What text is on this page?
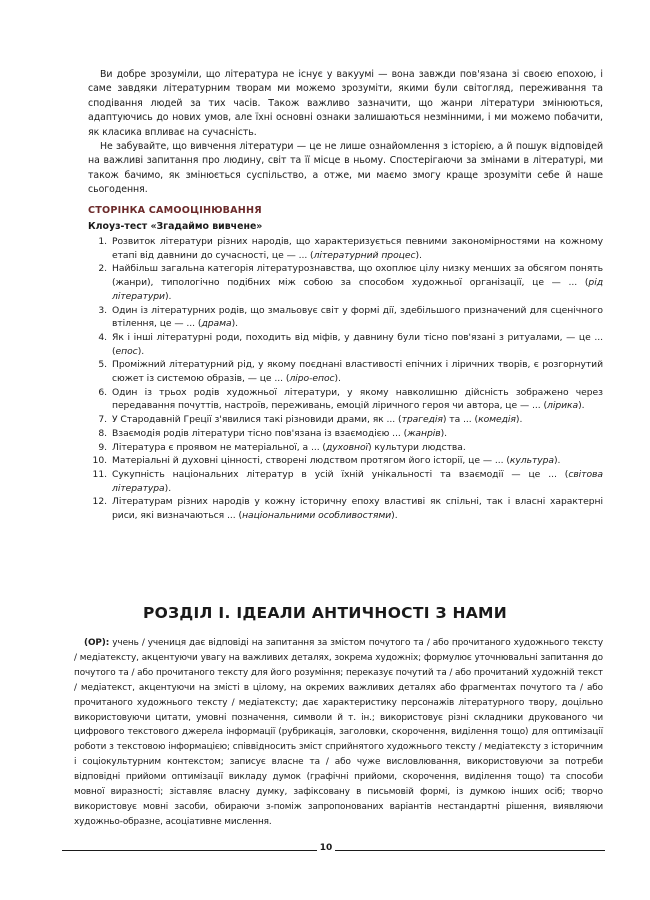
Ви добре зрозуміли, що література не існує у вакуумі — вона завжди пов'язана зі своєю епохою, і саме завдяки літературним творам ми можемо зрозуміти, якими були світогляд, переживання та сподівання людей за тих часів. Також важливо зазначити, що жанри літератури змінюються, адаптуючись до нових умов, але їхні основні ознаки залишаються незмінними, і ми можемо побачити, як класика впливає на сучасність.

Не забувайте, що вивчення літератури — це не лише ознайомлення з історією, а й пошук відповідей на важливі запитання про людину, світ та її місце в ньому. Спостерігаючи за змінами в літературі, ми також бачимо, як змінюється суспільство, а отже, ми маємо змогу краще зрозуміти себе й наше сьогодення.

СТОРІНКА САМООЦІНЮВАННЯ
Клоуз-тест «Згадаймо вивчене»
1. Розвиток літератури різних народів, що характеризується певними закономірностями на кожному етапі від давнини до сучасності, це — ... (літературний процес).
2. Найбільш загальна категорія літературознавства, що охоплює цілу низку менших за обсягом понять (жанри), типологічно подібних між собою за способом художньої організації, це — ... (рід літератури).
3. Один із літературних родів, що змальовує світ у формі дії, здебільшого призначений для сценічного втілення, це — ... (драма).
4. Як і інші літературні роди, походить від міфів, у давнину були тісно пов'язані з ритуалами, — це ... (епос).
5. Проміжний літературний рід, у якому поєднані властивості епічних і ліричних творів, є розгорнутий сюжет із системою образів, — це ... (ліро-епос).
6. Один із трьох родів художньої літератури, у якому навколишню дійсність зображено через передавання почуттів, настроїв, переживань, емоцій ліричного героя чи автора, це — ... (лірика).
7. У Стародавній Греції з'явилися такі різновиди драми, як ... (трагедія) та ... (комедія).
8. Взаємодія родів літератури тісно пов'язана із взаємодією ... (жанрів).
9. Література є проявом не матеріальної, а ... (духовної) культури людства.
10. Матеріальні й духовні цінності, створені людством протягом його історії, це — ... (культура).
11. Сукупність національних літератур в усій їхній унікальності та взаємодії — це ... (світова література).
12. Літературам різних народів у кожну історичну епоху властиві як спільні, так і власні характерні риси, які визначаються ... (національними особливостями).
РОЗДІЛ І. ІДЕАЛИ АНТИЧНОСТІ З НАМИ

(ОР): учень / учениця дає відповіді на запитання за змістом почутого та / або прочитаного художнього тексту / медіатексту, акцентуючи увагу на важливих деталях, зокрема художніх; формулює уточнювальні запитання до почутого та / або прочитаного тексту для його розуміння; переказує почутий та / або прочитаний художній текст / медіатекст, акцентуючи на змісті в цілому, на окремих важливих деталях або фрагментах почутого та / або прочитаного художнього тексту / медіатексту; дає характеристику персонажів літературного твору, доцільно використовуючи цитати, умовні позначення, символи й т. ін.; використовує різні складники друкованого чи цифрового текстового джерела інформації (рубрикація, заголовки, скорочення, виділення тощо) для оптимізації роботи з текстовою інформацією; співвідносить зміст сприйнятого художнього тексту / медіатексту з історичним і соціокультурним контекстом; записує власне та / або чуже висловлювання, використовуючи за потреби відповідні прийоми оптимізації викладу думок (графічні прийоми, скорочення, виділення тощо) та способи мовної виразності; зіставляє власну думку, зафіксовану в письмовій формі, із думкою інших осіб; творчо використовує мовні засоби, обираючи з-поміж запропонованих варіантів нестандартні рішення, виявляючи художньо-образне, асоціативне мислення.

10
